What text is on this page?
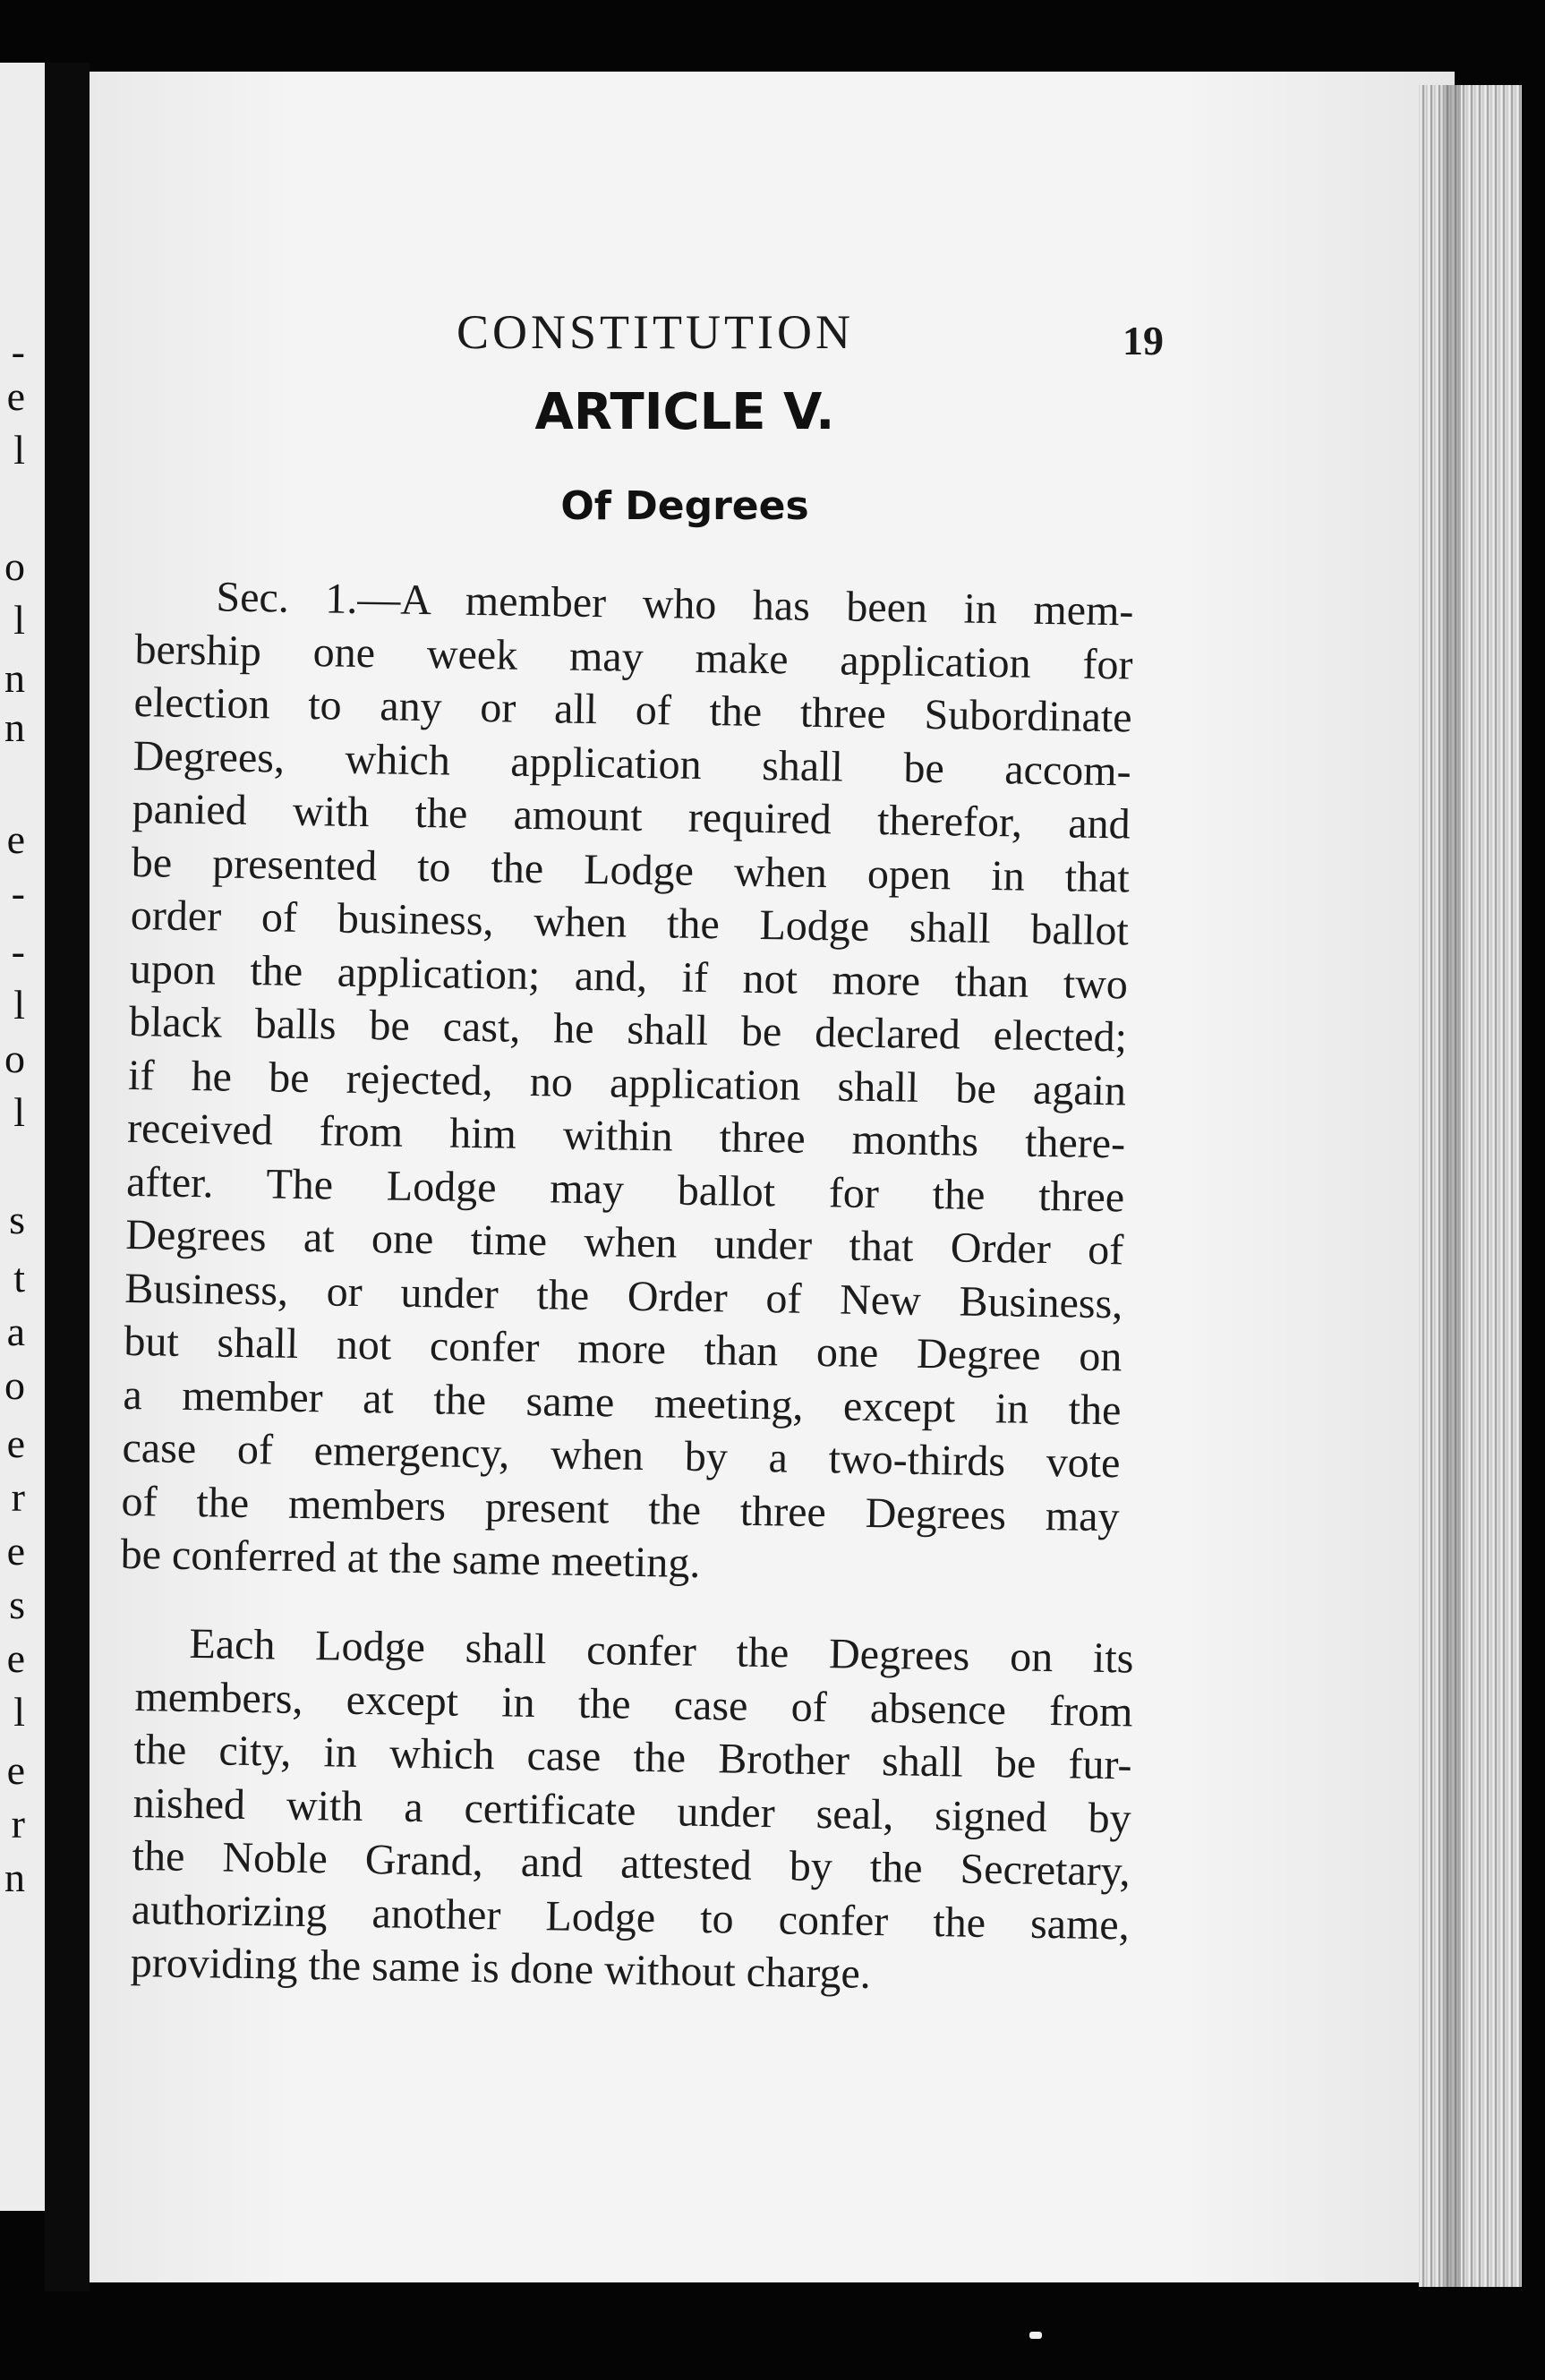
-
e
l
o
l
n
n
e
-
-
l
o
l
s
t
a
o
e
r
e
s
e
l
e
r
n
CONSTITUTION	19
ARTICLE V.
Of Degrees
Sec. 1.—A member who has been in mem-
bership one week may make application for
election to any or all of the three Subordinate
Degrees, which application shall be accom-
panied with the amount required therefor, and
be presented to the Lodge when open in that
order of business, when the Lodge shall ballot
upon the application; and, if not more than two
black balls be cast, he shall be declared elected;
if he be rejected, no application shall be again
received from him within three months there-
after. The Lodge may ballot for the three
Degrees at one time when under that Order of
Business, or under the Order of New Business,
but shall not confer more than one Degree on
a member at the same meeting, except in the
case of emergency, when by a two-thirds vote
of the members present the three Degrees may
be conferred at the same meeting.
Each Lodge shall confer the Degrees on its
members, except in the case of absence from
the city, in which case the Brother shall be fur-
nished with a certificate under seal, signed by
the Noble Grand, and attested by the Secretary,
authorizing another Lodge to confer the same,
providing the same is done without charge.
